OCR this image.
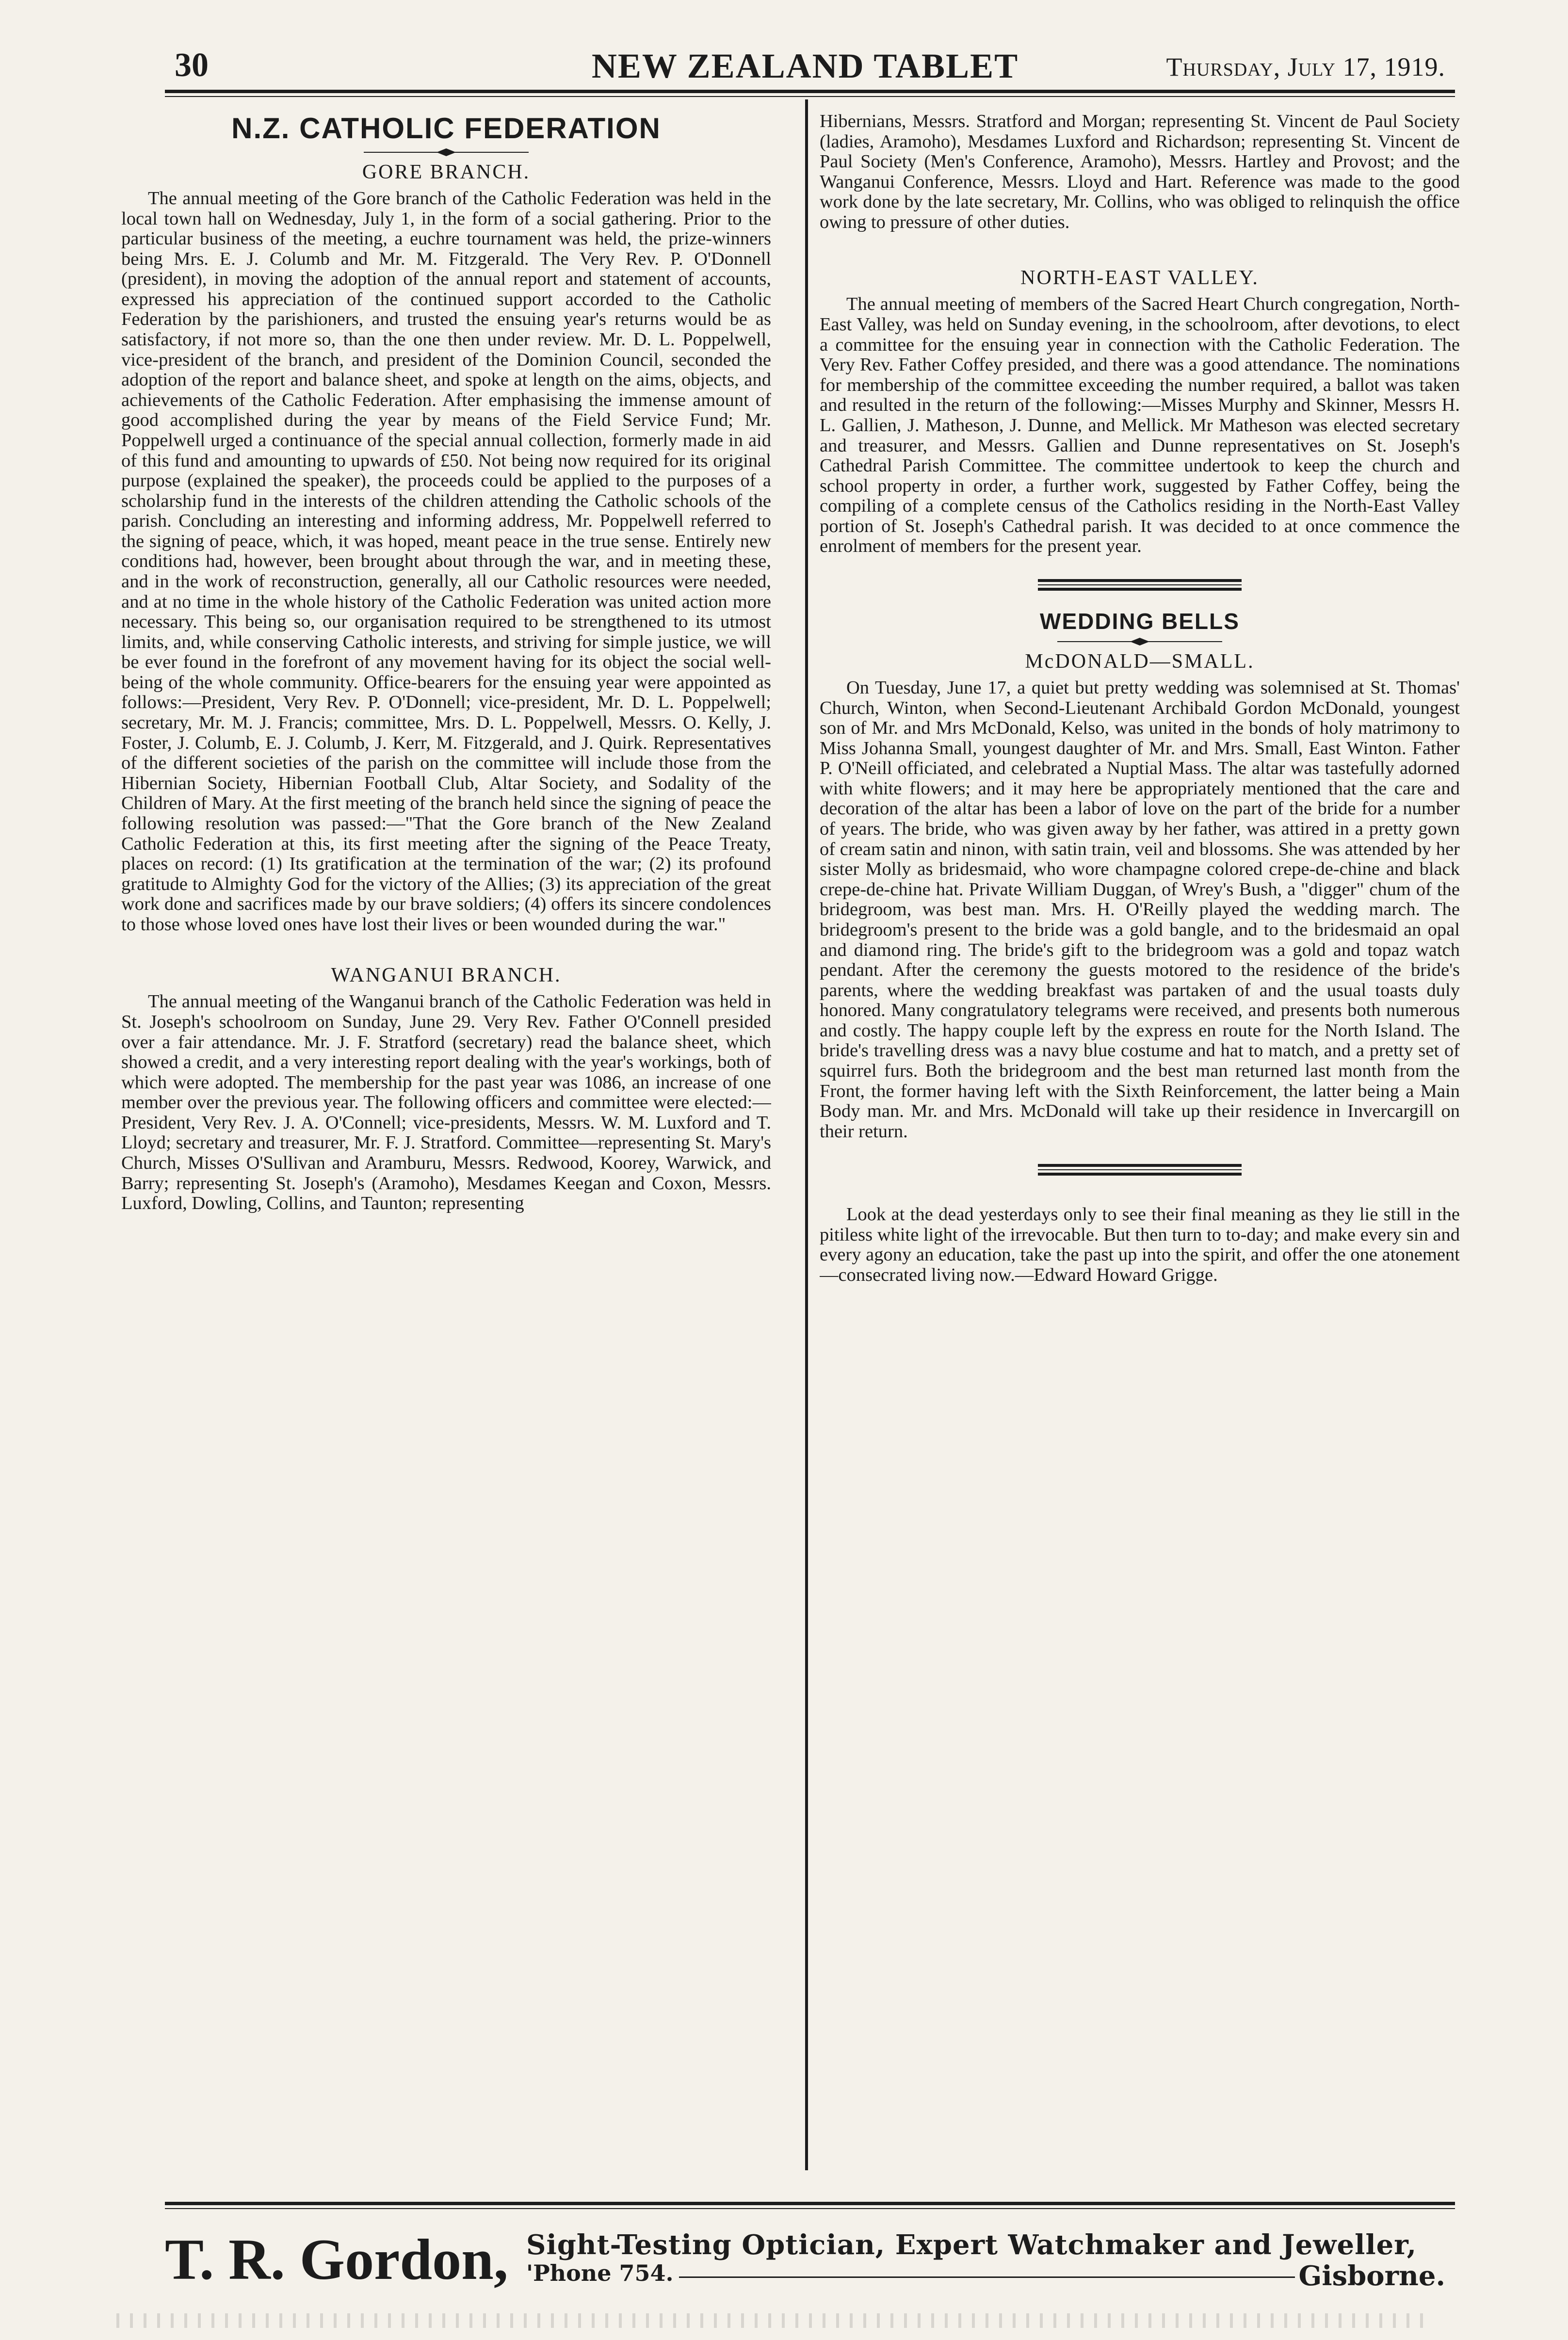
30	NEW ZEALAND TABLET	Thursday, July 17, 1919.
N.Z. CATHOLIC FEDERATION
GORE BRANCH.

The annual meeting of the Gore branch of the Catholic Federation was held in the local town hall on Wednesday, July 1, in the form of a social gathering. Prior to the particular business of the meeting, a euchre tournament was held, the prize-winners being Mrs. E. J. Columb and Mr. M. Fitzgerald. The Very Rev. P. O'Donnell (president), in moving the adoption of the annual report and statement of accounts, expressed his appreciation of the continued support accorded to the Catholic Federation by the parishioners, and trusted the ensuing year's returns would be as satisfactory, if not more so, than the one then under review. Mr. D. L. Poppelwell, vice-president of the branch, and president of the Dominion Council, seconded the adoption of the report and balance sheet, and spoke at length on the aims, objects, and achievements of the Catholic Federation. After emphasising the immense amount of good accomplished during the year by means of the Field Service Fund; Mr. Poppelwell urged a continuance of the special annual collection, formerly made in aid of this fund and amounting to upwards of £50. Not being now required for its original purpose (explained the speaker), the proceeds could be applied to the purposes of a scholarship fund in the interests of the children attending the Catholic schools of the parish. Concluding an interesting and informing address, Mr. Poppelwell referred to the signing of peace, which, it was hoped, meant peace in the true sense. Entirely new conditions had, however, been brought about through the war, and in meeting these, and in the work of reconstruction, generally, all our Catholic resources were needed, and at no time in the whole history of the Catholic Federation was united action more necessary. This being so, our organisation required to be strengthened to its utmost limits, and, while conserving Catholic interests, and striving for simple justice, we will be ever found in the forefront of any movement having for its object the social well-being of the whole community. Office-bearers for the ensuing year were appointed as follows:—President, Very Rev. P. O'Donnell; vice-president, Mr. D. L. Poppelwell; secretary, Mr. M. J. Francis; committee, Mrs. D. L. Poppelwell, Messrs. O. Kelly, J. Foster, J. Columb, E. J. Columb, J. Kerr, M. Fitzgerald, and J. Quirk. Representatives of the different societies of the parish on the committee will include those from the Hibernian Society, Hibernian Football Club, Altar Society, and Sodality of the Children of Mary. At the first meeting of the branch held since the signing of peace the following resolution was passed:—"That the Gore branch of the New Zealand Catholic Federation at this, its first meeting after the signing of the Peace Treaty, places on record: (1) Its gratification at the termination of the war; (2) its profound gratitude to Almighty God for the victory of the Allies; (3) its appreciation of the great work done and sacrifices made by our brave soldiers; (4) offers its sincere condolences to those whose loved ones have lost their lives or been wounded during the war."

WANGANUI BRANCH.

The annual meeting of the Wanganui branch of the Catholic Federation was held in St. Joseph's schoolroom on Sunday, June 29. Very Rev. Father O'Connell presided over a fair attendance. Mr. J. F. Stratford (secretary) read the balance sheet, which showed a credit, and a very interesting report dealing with the year's workings, both of which were adopted. The membership for the past year was 1086, an increase of one member over the previous year. The following officers and committee were elected:—President, Very Rev. J. A. O'Connell; vice-presidents, Messrs. W. M. Luxford and T. Lloyd; secretary and treasurer, Mr. F. J. Stratford. Committee—representing St. Mary's Church, Misses O'Sullivan and Aramburu, Messrs. Redwood, Koorey, Warwick, and Barry; representing St. Joseph's (Aramoho), Mesdames Keegan and Coxon, Messrs. Luxford, Dowling, Collins, and Taunton; representing

Hibernians, Messrs. Stratford and Morgan; representing St. Vincent de Paul Society (ladies, Aramoho), Mesdames Luxford and Richardson; representing St. Vincent de Paul Society (Men's Conference, Aramoho), Messrs. Hartley and Provost; and the Wanganui Conference, Messrs. Lloyd and Hart. Reference was made to the good work done by the late secretary, Mr. Collins, who was obliged to relinquish the office owing to pressure of other duties.

NORTH-EAST VALLEY.

The annual meeting of members of the Sacred Heart Church congregation, North-East Valley, was held on Sunday evening, in the schoolroom, after devotions, to elect a committee for the ensuing year in connection with the Catholic Federation. The Very Rev. Father Coffey presided, and there was a good attendance. The nominations for membership of the committee exceeding the number required, a ballot was taken and resulted in the return of the following:—Misses Murphy and Skinner, Messrs H. L. Gallien, J. Matheson, J. Dunne, and Mellick. Mr Matheson was elected secretary and treasurer, and Messrs. Gallien and Dunne representatives on St. Joseph's Cathedral Parish Committee. The committee undertook to keep the church and school property in order, a further work, suggested by Father Coffey, being the compiling of a complete census of the Catholics residing in the North-East Valley portion of St. Joseph's Cathedral parish. It was decided to at once commence the enrolment of members for the present year.

WEDDING BELLS
McDONALD—SMALL.

On Tuesday, June 17, a quiet but pretty wedding was solemnised at St. Thomas' Church, Winton, when Second-Lieutenant Archibald Gordon McDonald, youngest son of Mr. and Mrs McDonald, Kelso, was united in the bonds of holy matrimony to Miss Johanna Small, youngest daughter of Mr. and Mrs. Small, East Winton. Father P. O'Neill officiated, and celebrated a Nuptial Mass. The altar was tastefully adorned with white flowers; and it may here be appropriately mentioned that the care and decoration of the altar has been a labor of love on the part of the bride for a number of years. The bride, who was given away by her father, was attired in a pretty gown of cream satin and ninon, with satin train, veil and blossoms. She was attended by her sister Molly as bridesmaid, who wore champagne colored crepe-de-chine and black crepe-de-chine hat. Private William Duggan, of Wrey's Bush, a "digger" chum of the bridegroom, was best man. Mrs. H. O'Reilly played the wedding march. The bridegroom's present to the bride was a gold bangle, and to the bridesmaid an opal and diamond ring. The bride's gift to the bridegroom was a gold and topaz watch pendant. After the ceremony the guests motored to the residence of the bride's parents, where the wedding breakfast was partaken of and the usual toasts duly honored. Many congratulatory telegrams were received, and presents both numerous and costly. The happy couple left by the express en route for the North Island. The bride's travelling dress was a navy blue costume and hat to match, and a pretty set of squirrel furs. Both the bridegroom and the best man returned last month from the Front, the former having left with the Sixth Reinforcement, the latter being a Main Body man. Mr. and Mrs. McDonald will take up their residence in Invercargill on their return.

Look at the dead yesterdays only to see their final meaning as they lie still in the pitiless white light of the irrevocable. But then turn to to-day; and make every sin and every agony an education, take the past up into the spirit, and offer the one atonement—consecrated living now.—Edward Howard Grigge.

T. R. Gordon, Sight-Testing Optician, Expert Watchmaker and Jeweller,
'Phone 754.	Gisborne.
